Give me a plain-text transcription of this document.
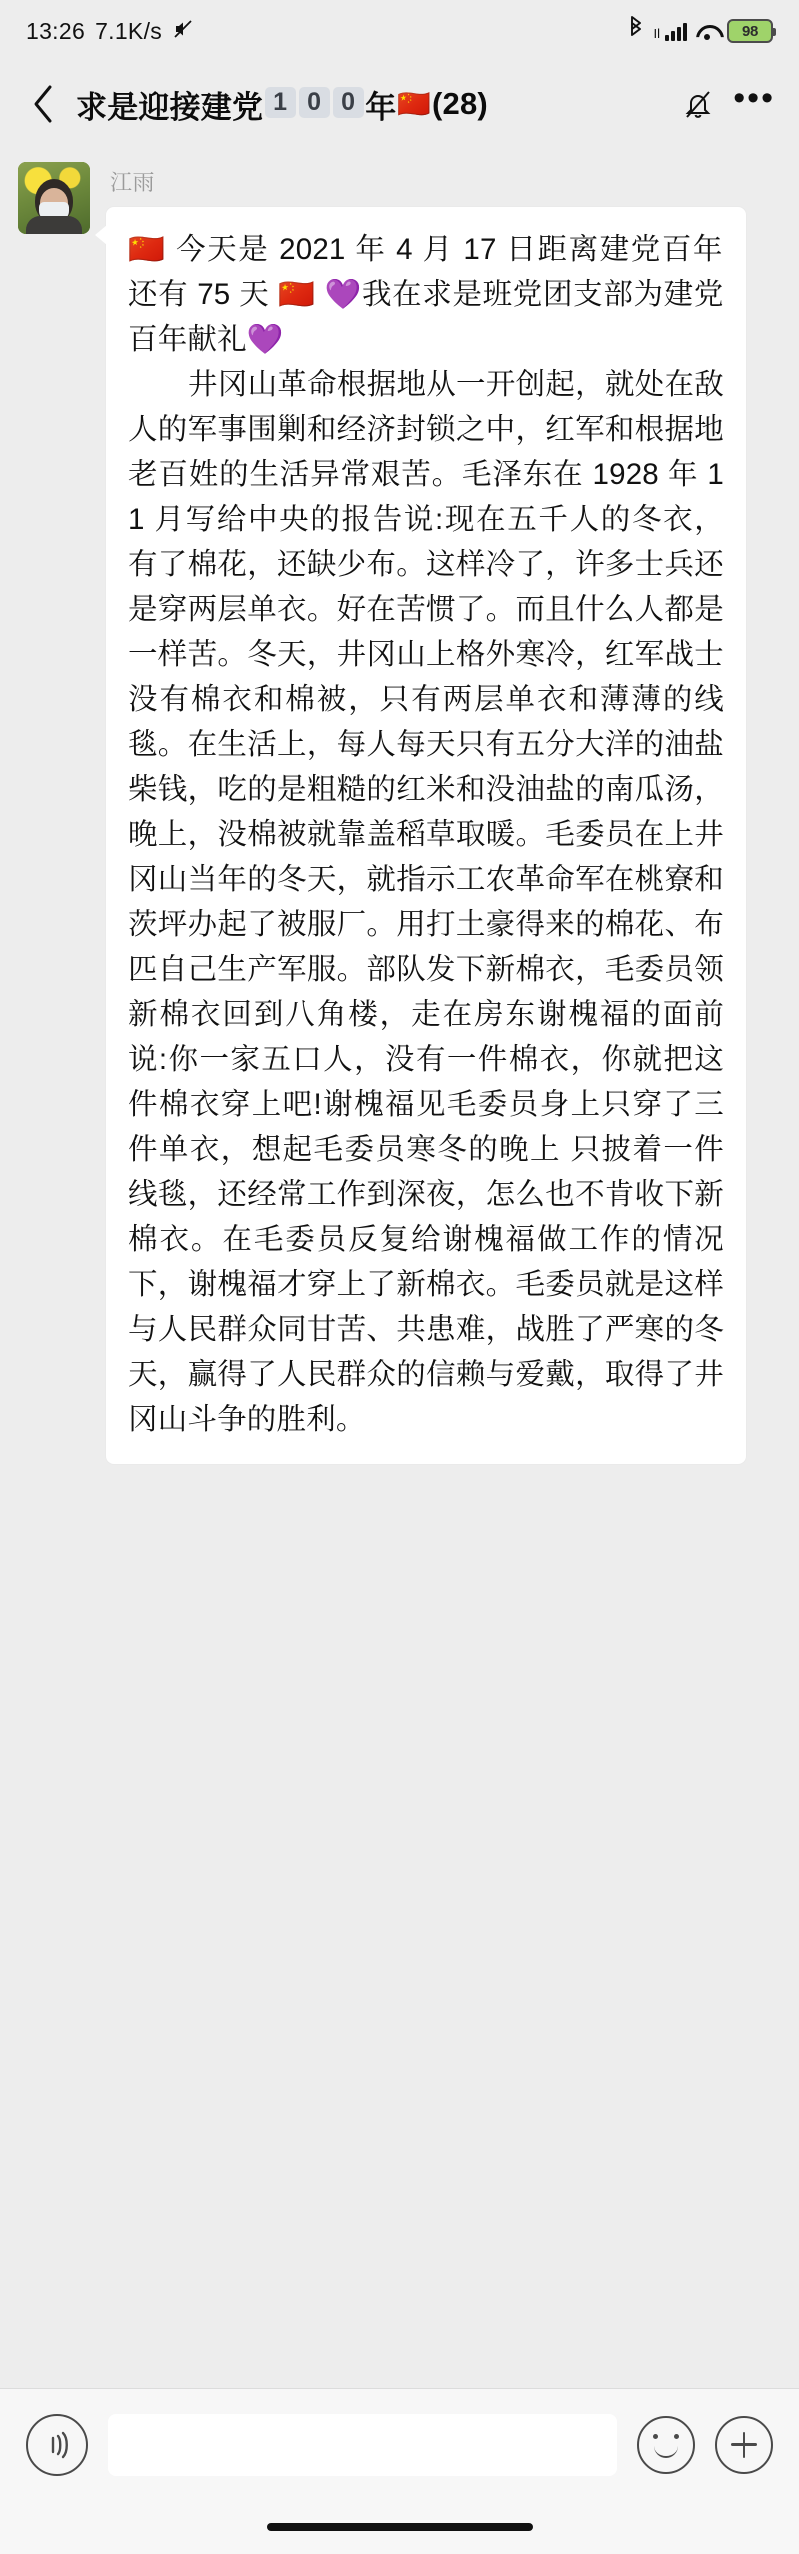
13:26 7.1K/s	Il	98
求是迎接建党 1 0 0 年 🇨🇳 (28)	•••
江雨

🇨🇳 今天是 2021 年 4 月 17 日距离建党百年还有 75 天 🇨🇳 💜我在求是班党团支部为建党百年献礼💜

井冈山革命根据地从一开创起，就处在敌人的军事围剿和经济封锁之中，红军和根据地老百姓的生活异常艰苦。毛泽东在 1928 年 11 月写给中央的报告说:现在五千人的冬衣，有了棉花，还缺少布。这样冷了，许多士兵还是穿两层单衣。好在苦惯了。而且什么人都是一样苦。冬天，井冈山上格外寒冷，红军战士没有棉衣和棉被，只有两层单衣和薄薄的线毯。在生活上，每人每天只有五分大洋的油盐柴钱，吃的是粗糙的红米和没油盐的南瓜汤，晚上，没棉被就靠盖稻草取暖。毛委员在上井冈山当年的冬天，就指示工农革命军在桃寮和茨坪办起了被服厂。用打土豪得来的棉花、布匹自己生产军服。部队发下新棉衣，毛委员领新棉衣回到八角楼，走在房东谢槐福的面前说:你一家五口人，没有一件棉衣，你就把这件棉衣穿上吧!谢槐福见毛委员身上只穿了三件单衣，想起毛委员寒冬的晚上 只披着一件线毯，还经常工作到深夜，怎么也不肯收下新棉衣。在毛委员反复给谢槐福做工作的情况下，谢槐福才穿上了新棉衣。毛委员就是这样与人民群众同甘苦、共患难，战胜了严寒的冬天，赢得了人民群众的信赖与爱戴，取得了井冈山斗争的胜利。
